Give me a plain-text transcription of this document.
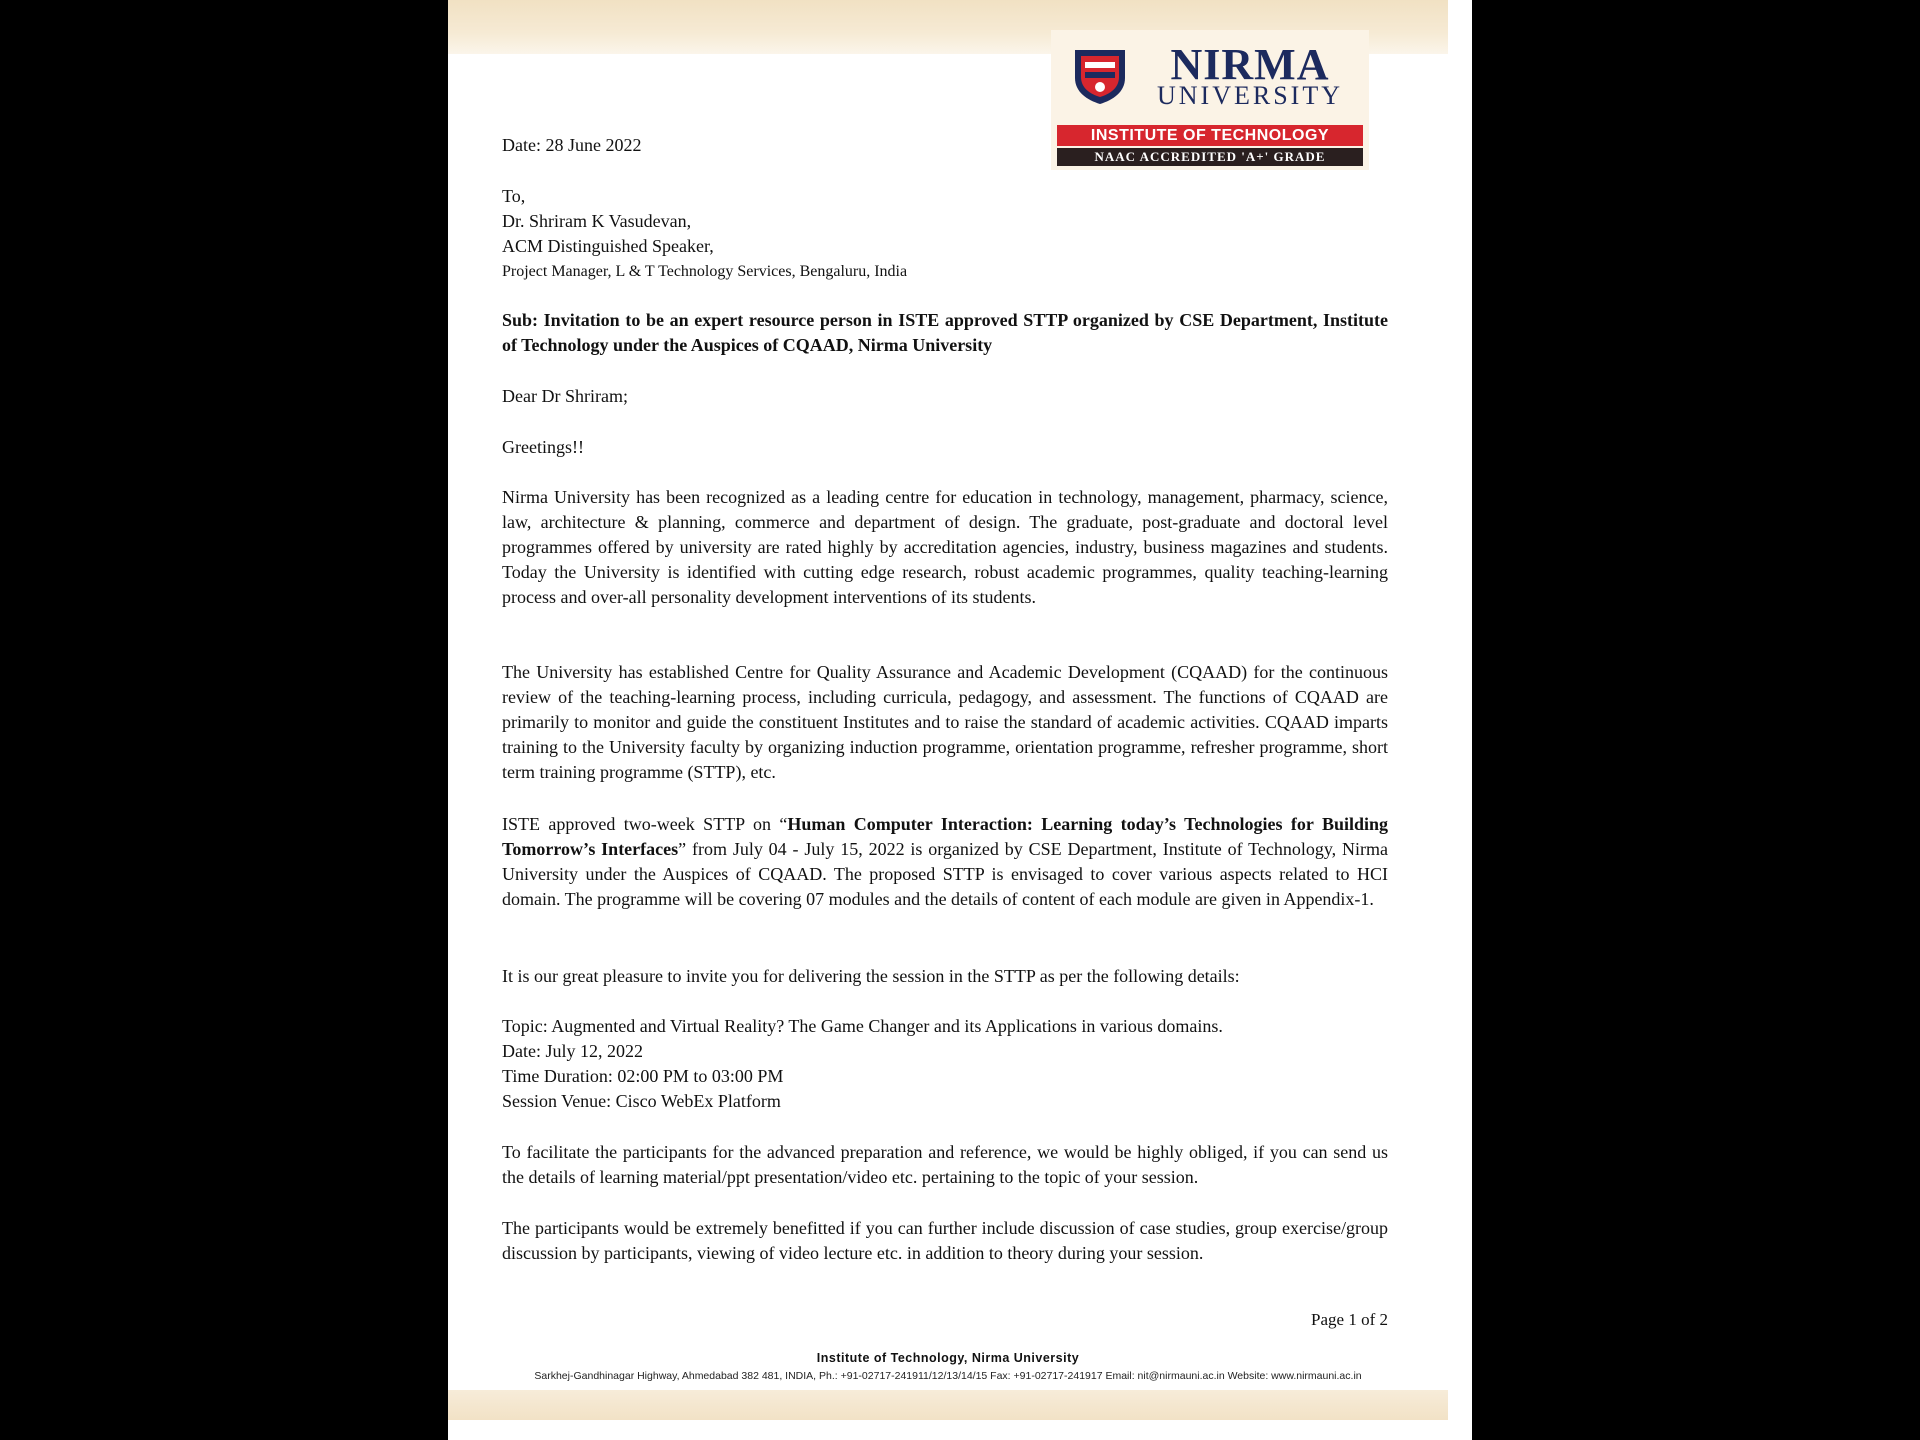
NIRMA
UNIVERSITY
INSTITUTE OF TECHNOLOGY
NAAC ACCREDITED 'A+' GRADE
Date: 28 June 2022
To,
Dr. Shriram K Vasudevan,
ACM Distinguished Speaker,
Project Manager, L & T Technology Services, Bengaluru, India
Sub: Invitation to be an expert resource person in ISTE approved STTP organized by CSE Department, Institute of Technology under the Auspices of CQAAD, Nirma University
Dear Dr Shriram;
Greetings!!
Nirma University has been recognized as a leading centre for education in technology, management, pharmacy, science, law, architecture & planning, commerce and department of design. The graduate, post-graduate and doctoral level programmes offered by university are rated highly by accreditation agencies, industry, business magazines and students. Today the University is identified with cutting edge research, robust academic programmes, quality teaching-learning process and over-all personality development interventions of its students.
The University has established Centre for Quality Assurance and Academic Development (CQAAD) for the continuous review of the teaching-learning process, including curricula, pedagogy, and assessment. The functions of CQAAD are primarily to monitor and guide the constituent Institutes and to raise the standard of academic activities. CQAAD imparts training to the University faculty by organizing induction programme, orientation programme, refresher programme, short term training programme (STTP), etc.
ISTE approved two-week STTP on “Human Computer Interaction: Learning today’s Technologies for Building Tomorrow’s Interfaces” from July 04 - July 15, 2022 is organized by CSE Department, Institute of Technology, Nirma University under the Auspices of CQAAD. The proposed STTP is envisaged to cover various aspects related to HCI domain. The programme will be covering 07 modules and the details of content of each module are given in Appendix-1.
It is our great pleasure to invite you for delivering the session in the STTP as per the following details:
Topic: Augmented and Virtual Reality? The Game Changer and its Applications in various domains.
Date: July 12, 2022
Time Duration: 02:00 PM to 03:00 PM
Session Venue: Cisco WebEx Platform
To facilitate the participants for the advanced preparation and reference, we would be highly obliged, if you can send us the details of learning material/ppt presentation/video etc. pertaining to the topic of your session.
The participants would be extremely benefitted if you can further include discussion of case studies, group exercise/group discussion by participants, viewing of video lecture etc. in addition to theory during your session.
Page 1 of 2
Institute of Technology, Nirma University
Sarkhej-Gandhinagar Highway, Ahmedabad 382 481, INDIA, Ph.: +91-02717-241911/12/13/14/15 Fax: +91-02717-241917 Email: nit@nirmauni.ac.in Website: www.nirmauni.ac.in
